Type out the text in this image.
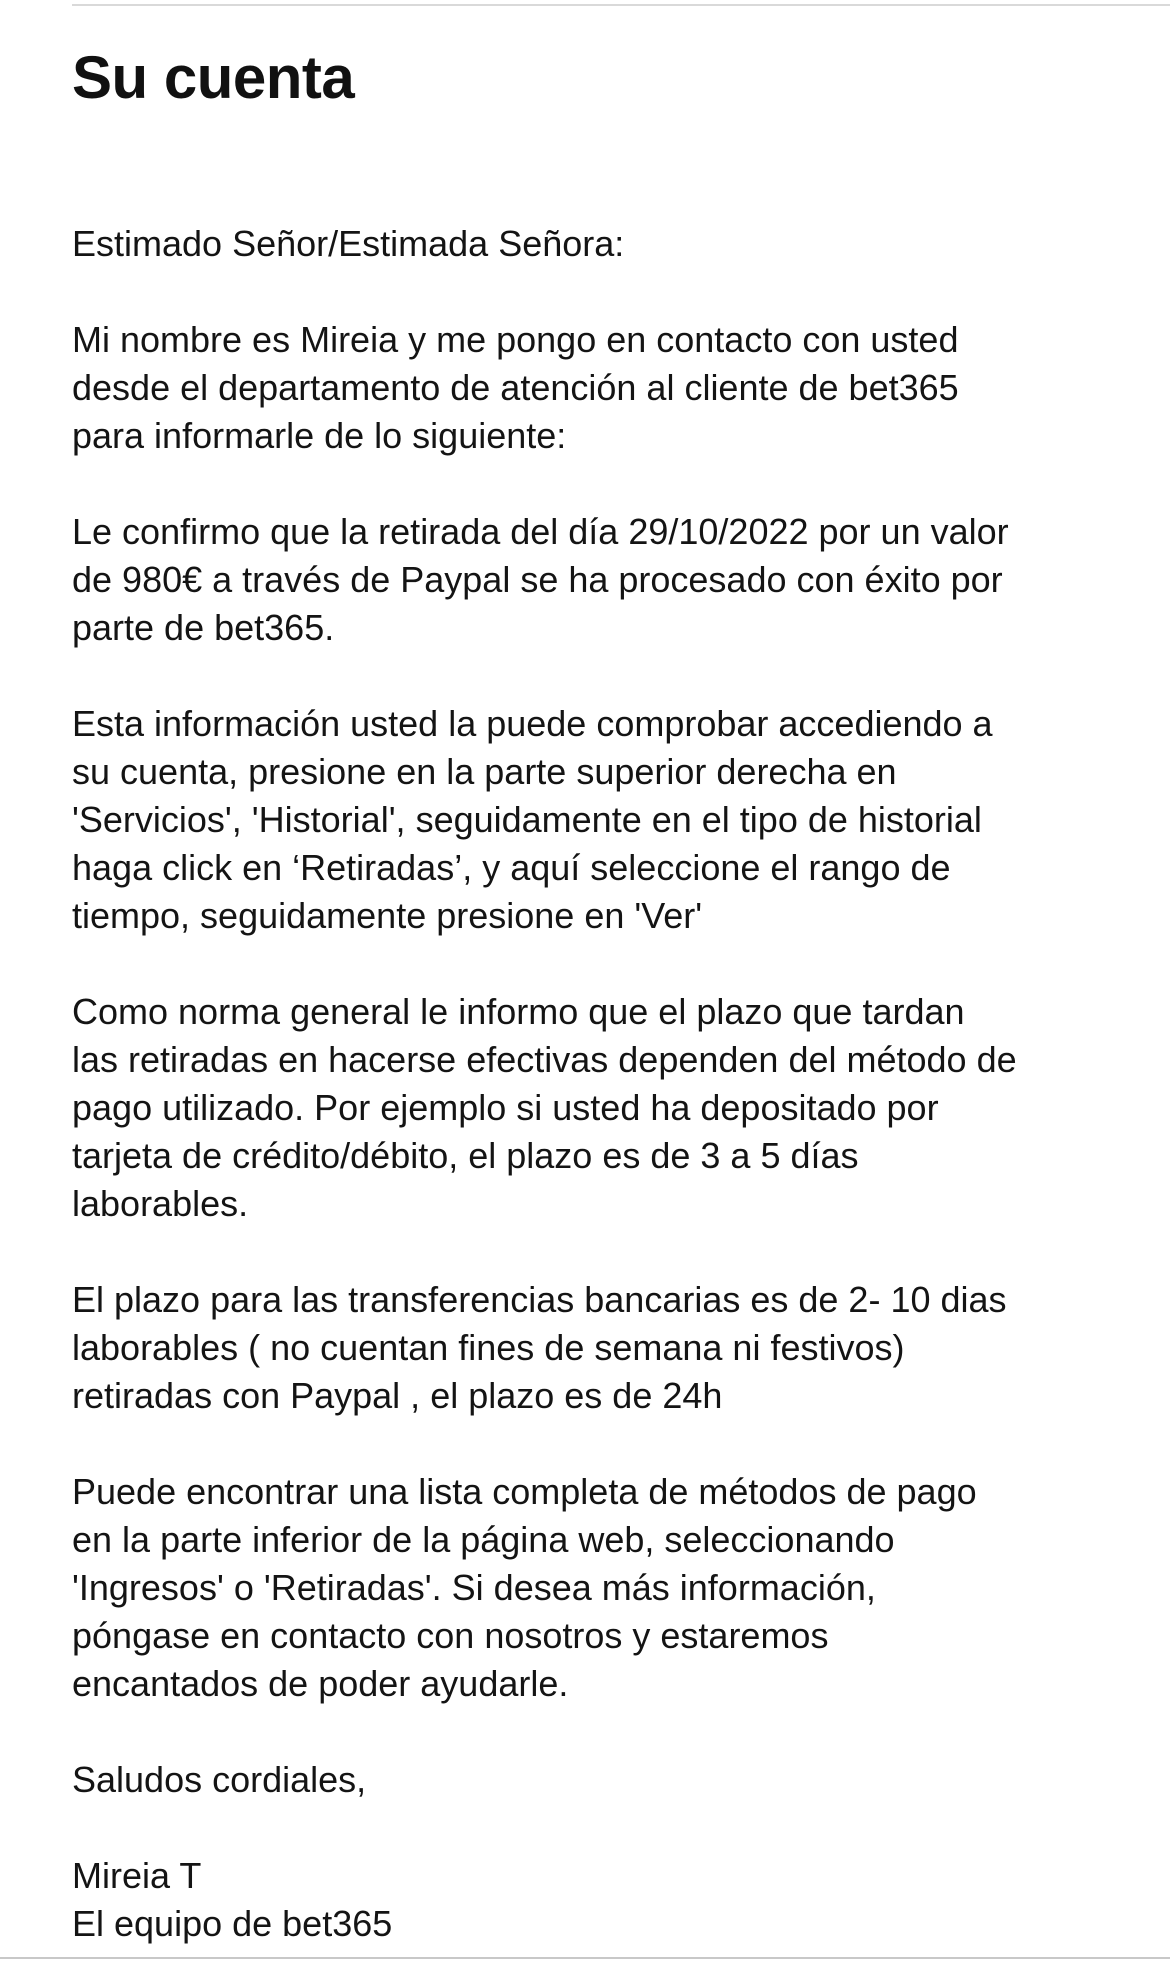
Su cuenta

Estimado Señor/Estimada Señora:

Mi nombre es Mireia y me pongo en contacto con usted
desde el departamento de atención al cliente de bet365
para informarle de lo siguiente:

Le confirmo que la retirada del día 29/10/2022 por un valor
de 980€ a través de Paypal se ha procesado con éxito por
parte de bet365.

Esta información usted la puede comprobar accediendo a
su cuenta, presione en la parte superior derecha en
'Servicios', 'Historial', seguidamente en el tipo de historial
haga click en ‘Retiradas’, y aquí seleccione el rango de
tiempo, seguidamente presione en 'Ver'

Como norma general le informo que el plazo que tardan
las retiradas en hacerse efectivas dependen del método de
pago utilizado. Por ejemplo si usted ha depositado por
tarjeta de crédito/débito, el plazo es de 3 a 5 días
laborables.

El plazo para las transferencias bancarias es de 2- 10 dias
laborables ( no cuentan fines de semana ni festivos)
retiradas con Paypal , el plazo es de 24h

Puede encontrar una lista completa de métodos de pago
en la parte inferior de la página web, seleccionando
'Ingresos' o 'Retiradas'. Si desea más información,
póngase en contacto con nosotros y estaremos
encantados de poder ayudarle.

Saludos cordiales,

Mireia T
El equipo de bet365
